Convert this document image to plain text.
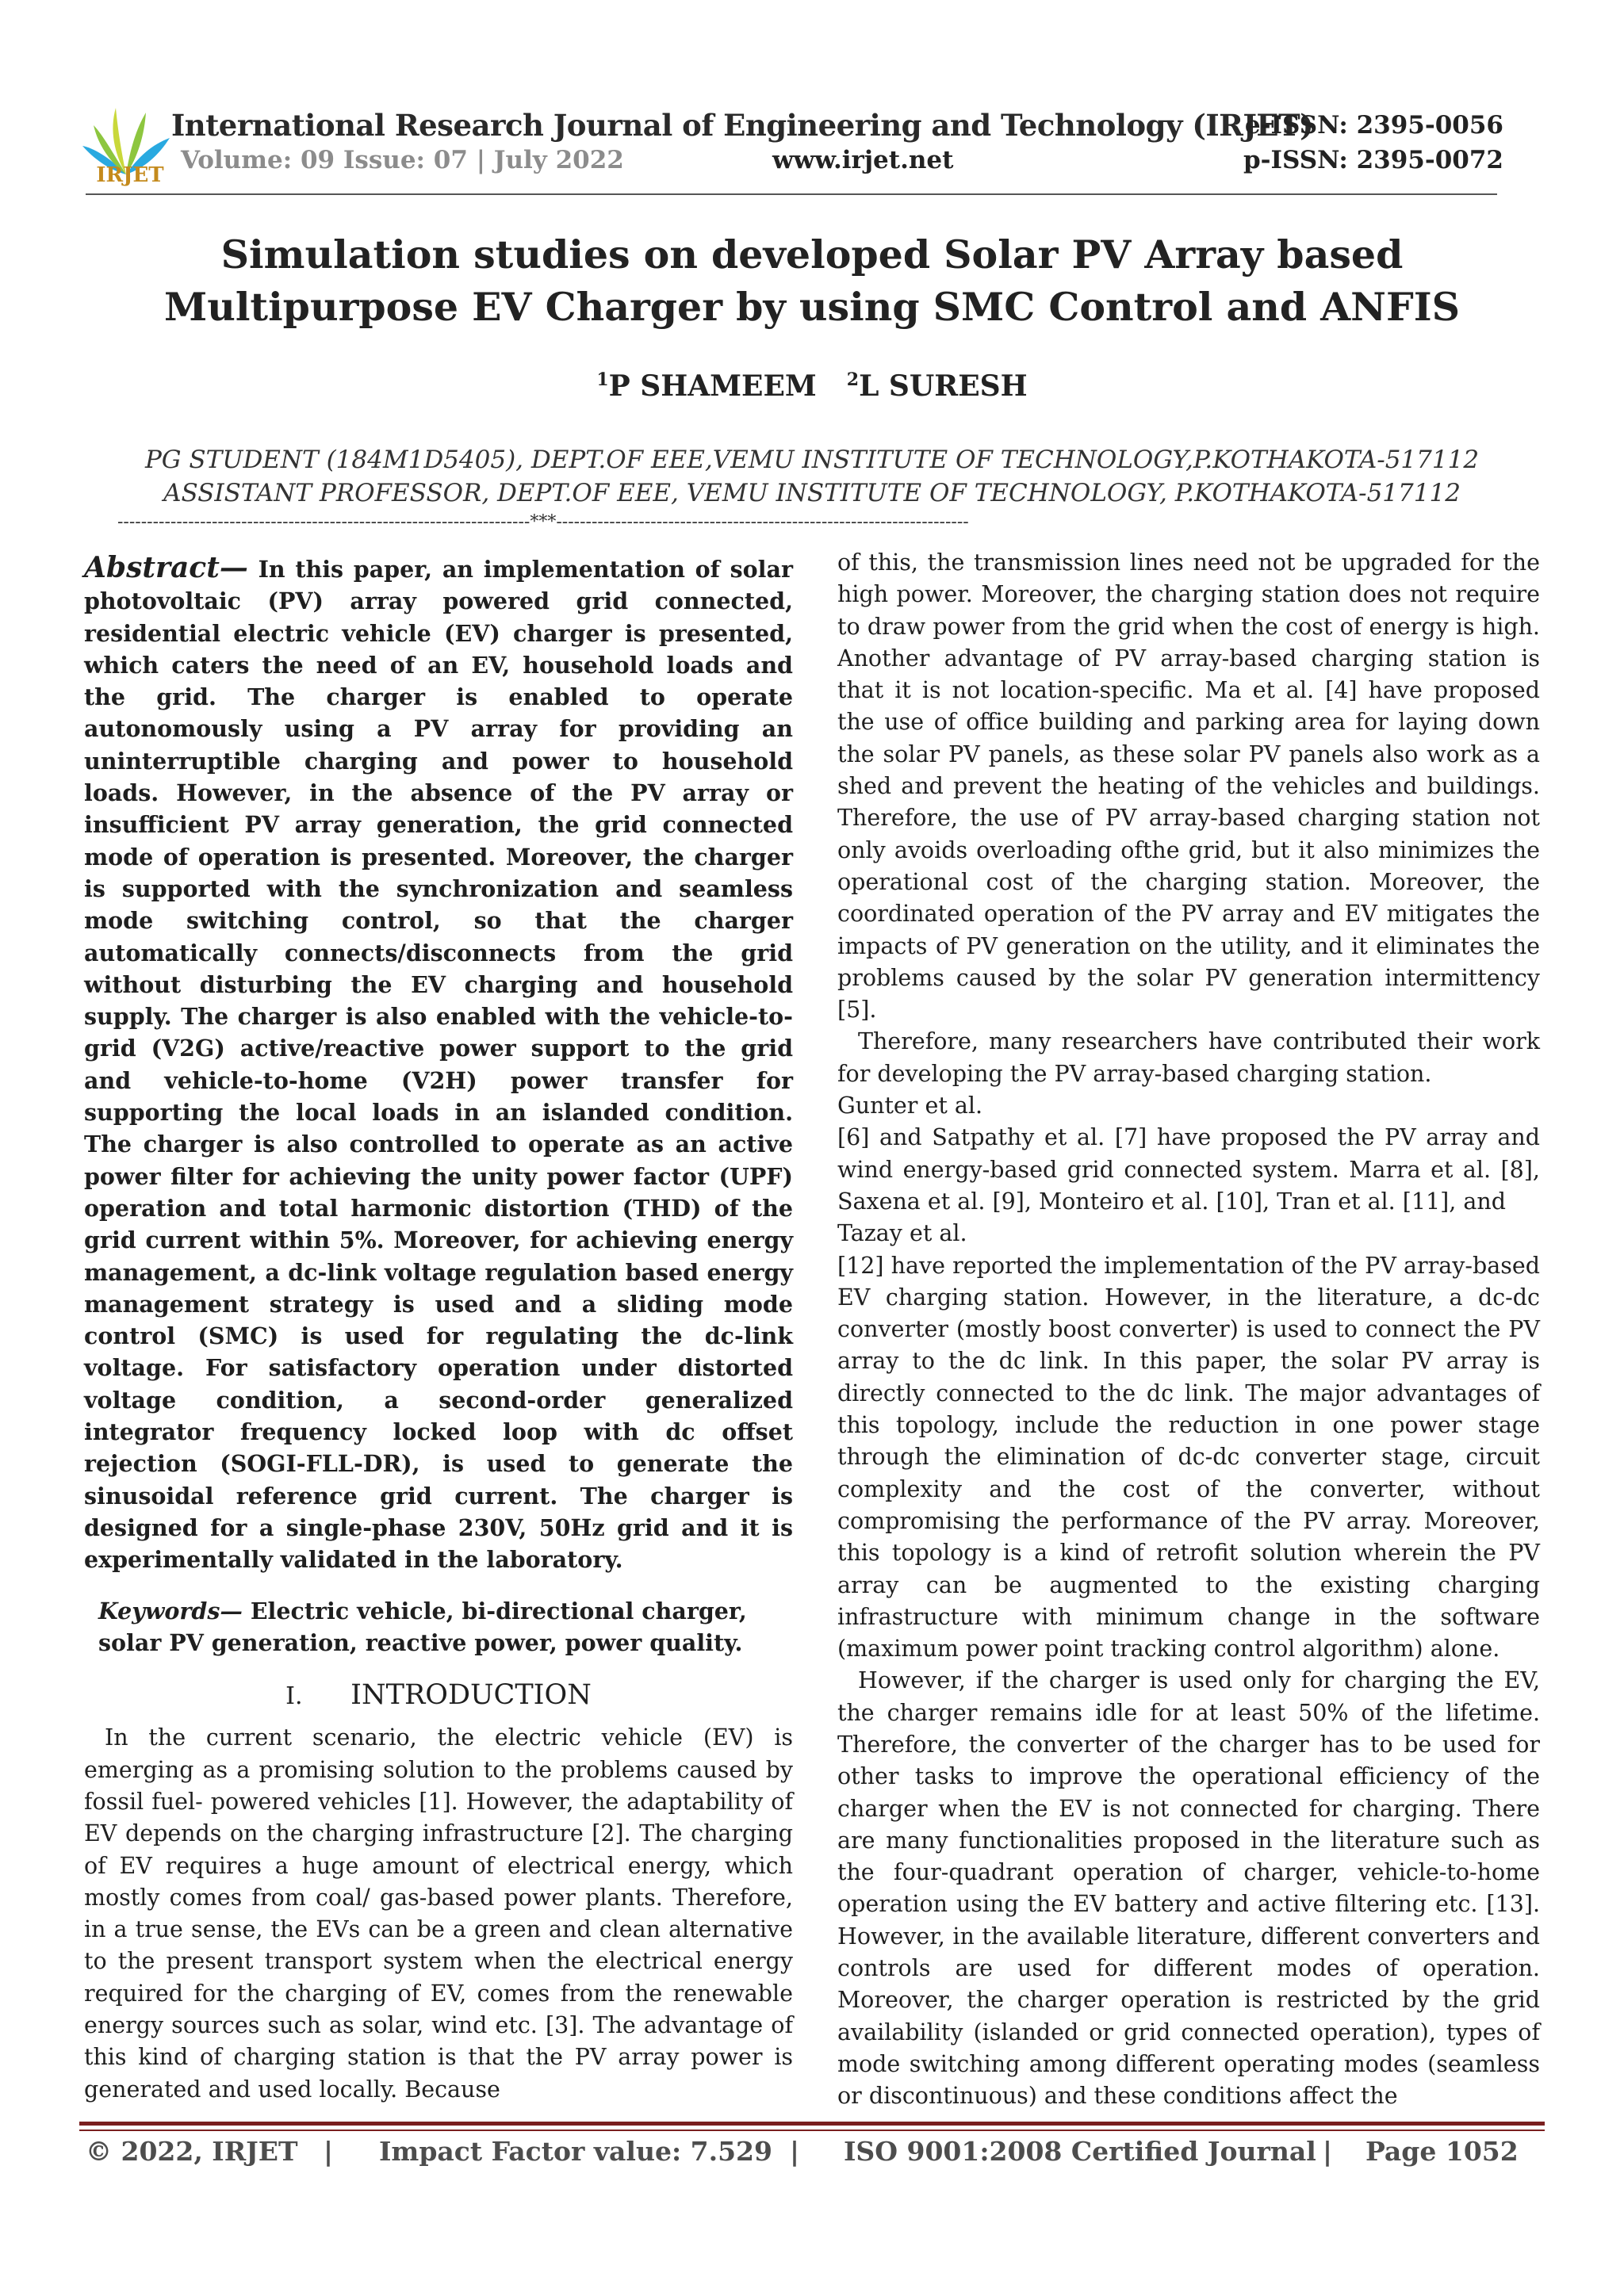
IRJET
International Research Journal of Engineering and Technology (IRJET)
Volume: 09 Issue: 07 | July 2022	www.irjet.net
e-ISSN: 2395-0056
p-ISSN: 2395-0072
Simulation studies on developed Solar PV Array based
Multipurpose EV Charger by using SMC Control and ANFIS
$^1$P SHAMEEM $^2$L SURESH
PG STUDENT (184M1D5405), DEPT.OF EEE,VEMU INSTITUTE OF TECHNOLOGY,P.KOTHAKOTA-517112
ASSISTANT PROFESSOR, DEPT.OF EEE, VEMU INSTITUTE OF TECHNOLOGY, P.KOTHAKOTA-517112
----------------------------------------------------------------------***----------------------------------------------------------------------

Abstract— In this paper, an implementation of solar photovoltaic (PV) array powered grid connected, residential electric vehicle (EV) charger is presented, which caters the need of an EV, household loads and the grid. The charger is enabled to operate autonomously using a PV array for providing an uninterruptible charging and power to household loads. However, in the absence of the PV array or insufficient PV array generation, the grid connected mode of operation is presented. Moreover, the charger is supported with the synchronization and seamless mode switching control, so that the charger automatically connects/disconnects from the grid without disturbing the EV charging and household supply. The charger is also enabled with the vehicle-to-grid (V2G) active/reactive power support to the grid and vehicle-to-home (V2H) power transfer for supporting the local loads in an islanded condition. The charger is also controlled to operate as an active power filter for achieving the unity power factor (UPF) operation and total harmonic distortion (THD) of the grid current within 5%. Moreover, for achieving energy management, a dc-link voltage regulation based energy management strategy is used and a sliding mode control (SMC) is used for regulating the dc-link voltage. For satisfactory operation under distorted voltage condition, a second-order generalized integrator frequency locked loop with dc offset rejection (SOGI-FLL-DR), is used to generate the sinusoidal reference grid current. The charger is designed for a single-phase 230V, 50Hz grid and it is experimentally validated in the laboratory.

Keywords— Electric vehicle, bi-directional charger, solar PV generation, reactive power, power quality.

I. INTRODUCTION

In the current scenario, the electric vehicle (EV) is emerging as a promising solution to the problems caused by fossil fuel- powered vehicles [1]. However, the adaptability of EV depends on the charging infrastructure [2]. The charging of EV requires a huge amount of electrical energy, which mostly comes from coal/ gas-based power plants. Therefore, in a true sense, the EVs can be a green and clean alternative to the present transport system when the electrical energy required for the charging of EV, comes from the renewable energy sources such as solar, wind etc. [3]. The advantage of this kind of charging station is that the PV array power is generated and used locally. Because

of this, the transmission lines need not be upgraded for the high power. Moreover, the charging station does not require to draw power from the grid when the cost of energy is high. Another advantage of PV array-based charging station is that it is not location-specific. Ma et al. [4] have proposed the use of office building and parking area for laying down the solar PV panels, as these solar PV panels also work as a shed and prevent the heating of the vehicles and buildings. Therefore, the use of PV array-based charging station not only avoids overloading ofthe grid, but it also minimizes the operational cost of the charging station. Moreover, the coordinated operation of the PV array and EV mitigates the impacts of PV generation on the utility, and it eliminates the problems caused by the solar PV generation intermittency [5].

Therefore, many researchers have contributed their work for developing the PV array-based charging station.

Gunter et al.

[6] and Satpathy et al. [7] have proposed the PV array and wind energy-based grid connected system. Marra et al. [8], Saxena et al. [9], Monteiro et al. [10], Tran et al. [11], and

Tazay et al.

[12] have reported the implementation of the PV array-based EV charging station. However, in the literature, a dc-dc converter (mostly boost converter) is used to connect the PV array to the dc link. In this paper, the solar PV array is directly connected to the dc link. The major advantages of this topology, include the reduction in one power stage through the elimination of dc-dc converter stage, circuit complexity and the cost of the converter, without compromising the performance of the PV array. Moreover, this topology is a kind of retrofit solution wherein the PV array can be augmented to the existing charging infrastructure with minimum change in the software (maximum power point tracking control algorithm) alone.

However, if the charger is used only for charging the EV, the charger remains idle for at least 50% of the lifetime. Therefore, the converter of the charger has to be used for other tasks to improve the operational efficiency of the charger when the EV is not connected for charging. There are many functionalities proposed in the literature such as the four-quadrant operation of charger, vehicle-to-home operation using the EV battery and active filtering etc. [13]. However, in the available literature, different converters and controls are used for different modes of operation. Moreover, the charger operation is restricted by the grid availability (islanded or grid connected operation), types of mode switching among different operating modes (seamless or discontinuous) and these conditions affect the

© 2022, IRJET | Impact Factor value: 7.529 | ISO 9001:2008 Certified Journal | Page 1052
